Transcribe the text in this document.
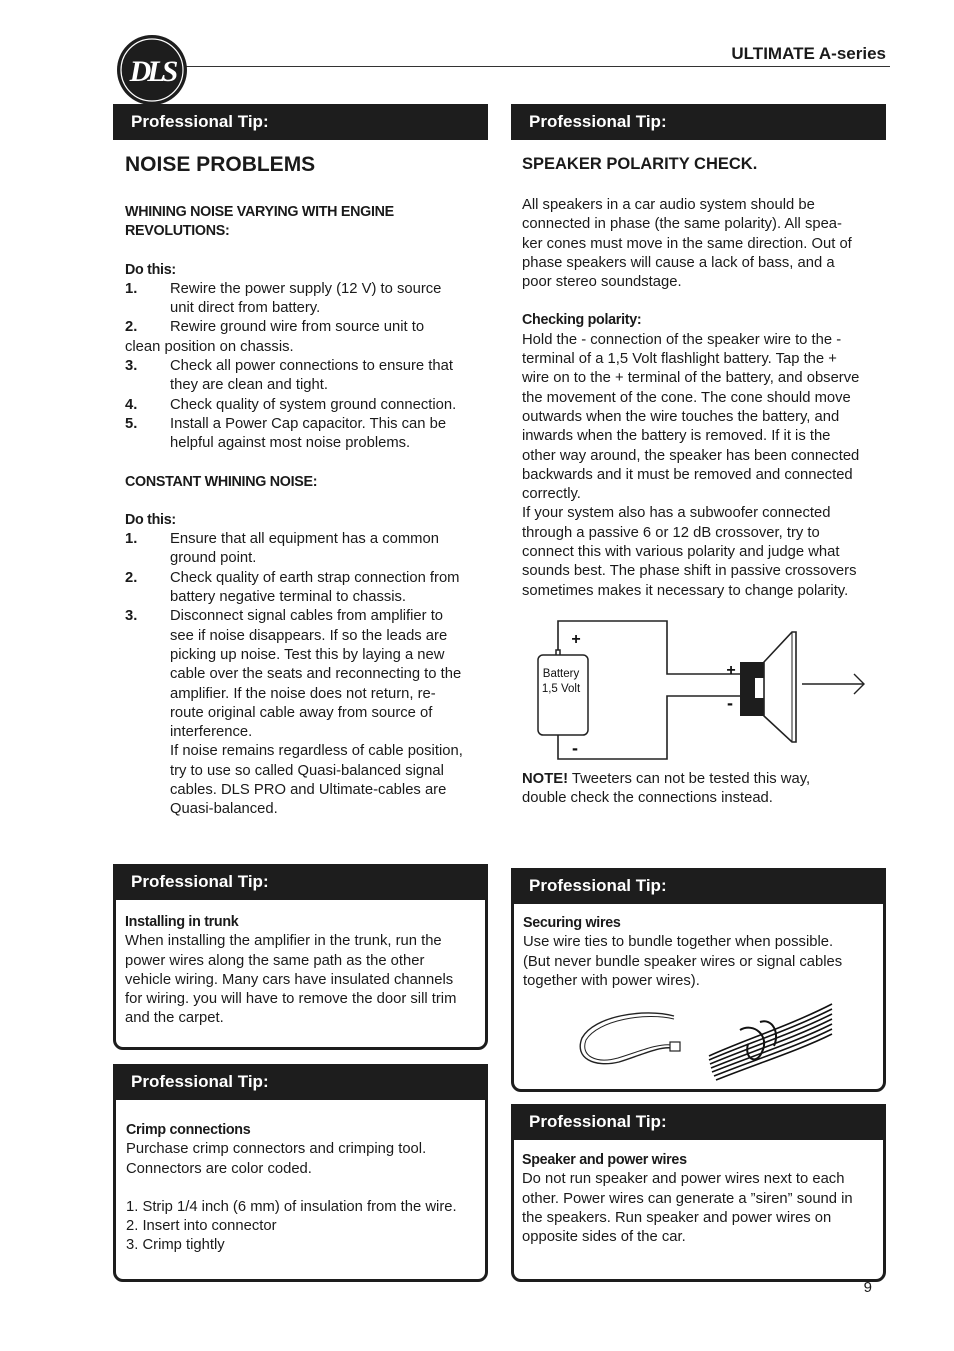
DLS
ULTIMATE A-series
Professional Tip:
NOISE PROBLEMS
WHINING NOISE VARYING WITH ENGINE
REVOLUTIONS:
Do this:
1.	Rewire the power supply (12 V) to source
unit direct from battery.
2.	Rewire ground wire from source unit to
clean position on chassis.
3.	Check all power connections to ensure that
they are clean and tight.
4.	Check quality of system ground connection.
5.	Install a Power Cap capacitor. This can be
helpful against most noise problems.
CONSTANT WHINING NOISE:
Do this:
1.	Ensure that all equipment has a common
ground point.
2.	Check quality of earth strap connection from
battery negative terminal to chassis.
3.	Disconnect signal cables from amplifier to
see if noise disappears. If so the leads are
picking up noise. Test this by laying a new
cable over the seats and reconnecting to the
amplifier. If the noise does not return, re-
route original cable away from source of
interference.
If noise remains regardless of cable position,
try to use so called Quasi-balanced signal
cables. DLS PRO and Ultimate-cables are
Quasi-balanced.
Professional Tip:
SPEAKER POLARITY CHECK.
All speakers in a car audio system should be
connected in phase (the same polarity). All spea-
ker cones must move in the same direction. Out of
phase speakers will cause a lack of bass, and a
poor stereo soundstage.
Checking polarity:
Hold the - connection of the speaker wire to the -
terminal of a 1,5 Volt flashlight battery. Tap the +
wire on to the + terminal of the battery, and observe
the movement of the cone. The cone should move
outwards when the wire touches the battery, and
inwards when the battery is removed. If it is the
other way around, the speaker has been connected
backwards and it must be removed and connected
correctly.
If your system also has a subwoofer connected
through a passive 6 or 12 dB crossover, try to
connect this with various polarity and judge what
sounds best. The phase shift in passive crossovers
sometimes makes it necessary to change polarity.
+
-
+
-
Battery
1,5 Volt
NOTE! Tweeters can not be tested this way,
double check the connections instead.
Professional Tip:
Installing in trunk
When installing the amplifier in the trunk, run the
power wires along the same path as the other
vehicle wiring. Many cars have insulated channels
for wiring. you will have to remove the door sill trim
and the carpet.
Professional Tip:
Securing wires
Use wire ties to bundle together when possible.
(But never bundle speaker wires or signal cables
together with power wires).
Professional Tip:
Crimp connections
Purchase crimp connectors and crimping tool.
Connectors are color coded.
1. Strip 1/4 inch (6 mm) of insulation from the wire.
2. Insert into connector
3. Crimp tightly
Professional Tip:
Speaker and power wires
Do not run speaker and power wires next to each
other. Power wires can generate a ”siren” sound in
the speakers. Run speaker and power wires on
opposite sides of the car.
9
